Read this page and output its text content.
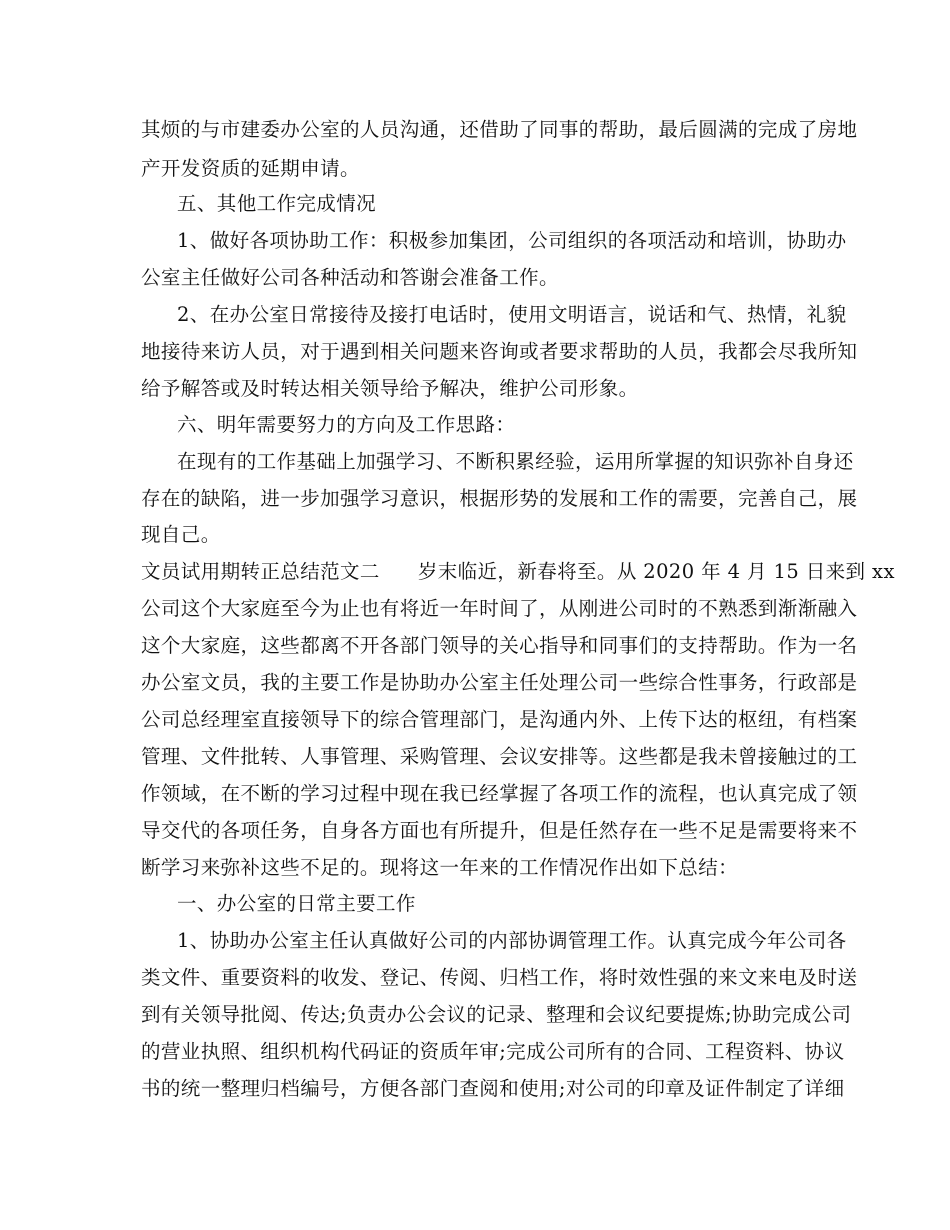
其烦的与市建委办公室的人员沟通，还借助了同事的帮助，最后圆满的完成了房地
产开发资质的延期申请。
五、其他工作完成情况
1、做好各项协助工作：积极参加集团，公司组织的各项活动和培训，协助办
公室主任做好公司各种活动和答谢会准备工作。
2、在办公室日常接待及接打电话时，使用文明语言，说话和气、热情，礼貌
地接待来访人员，对于遇到相关问题来咨询或者要求帮助的人员，我都会尽我所知
给予解答或及时转达相关领导给予解决，维护公司形象。
六、明年需要努力的方向及工作思路：
在现有的工作基础上加强学习、不断积累经验，运用所掌握的知识弥补自身还
存在的缺陷，进一步加强学习意识，根据形势的发展和工作的需要，完善自己，展
现自己。
文员试用期转正总结范文二 岁末临近，新春将至。从 2020 年 4 月 15 日来到 xx
公司这个大家庭至今为止也有将近一年时间了，从刚进公司时的不熟悉到渐渐融入
这个大家庭，这些都离不开各部门领导的关心指导和同事们的支持帮助。作为一名
办公室文员，我的主要工作是协助办公室主任处理公司一些综合性事务，行政部是
公司总经理室直接领导下的综合管理部门，是沟通内外、上传下达的枢纽，有档案
管理、文件批转、人事管理、采购管理、会议安排等。这些都是我未曾接触过的工
作领域，在不断的学习过程中现在我已经掌握了各项工作的流程，也认真完成了领
导交代的各项任务，自身各方面也有所提升，但是任然存在一些不足是需要将来不
断学习来弥补这些不足的。现将这一年来的工作情况作出如下总结：
一、办公室的日常主要工作
1、协助办公室主任认真做好公司的内部协调管理工作。认真完成今年公司各
类文件、重要资料的收发、登记、传阅、归档工作，将时效性强的来文来电及时送
到有关领导批阅、传达;负责办公会议的记录、整理和会议纪要提炼;协助完成公司
的营业执照、组织机构代码证的资质年审;完成公司所有的合同、工程资料、协议
书的统一整理归档编号，方便各部门查阅和使用;对公司的印章及证件制定了详细
